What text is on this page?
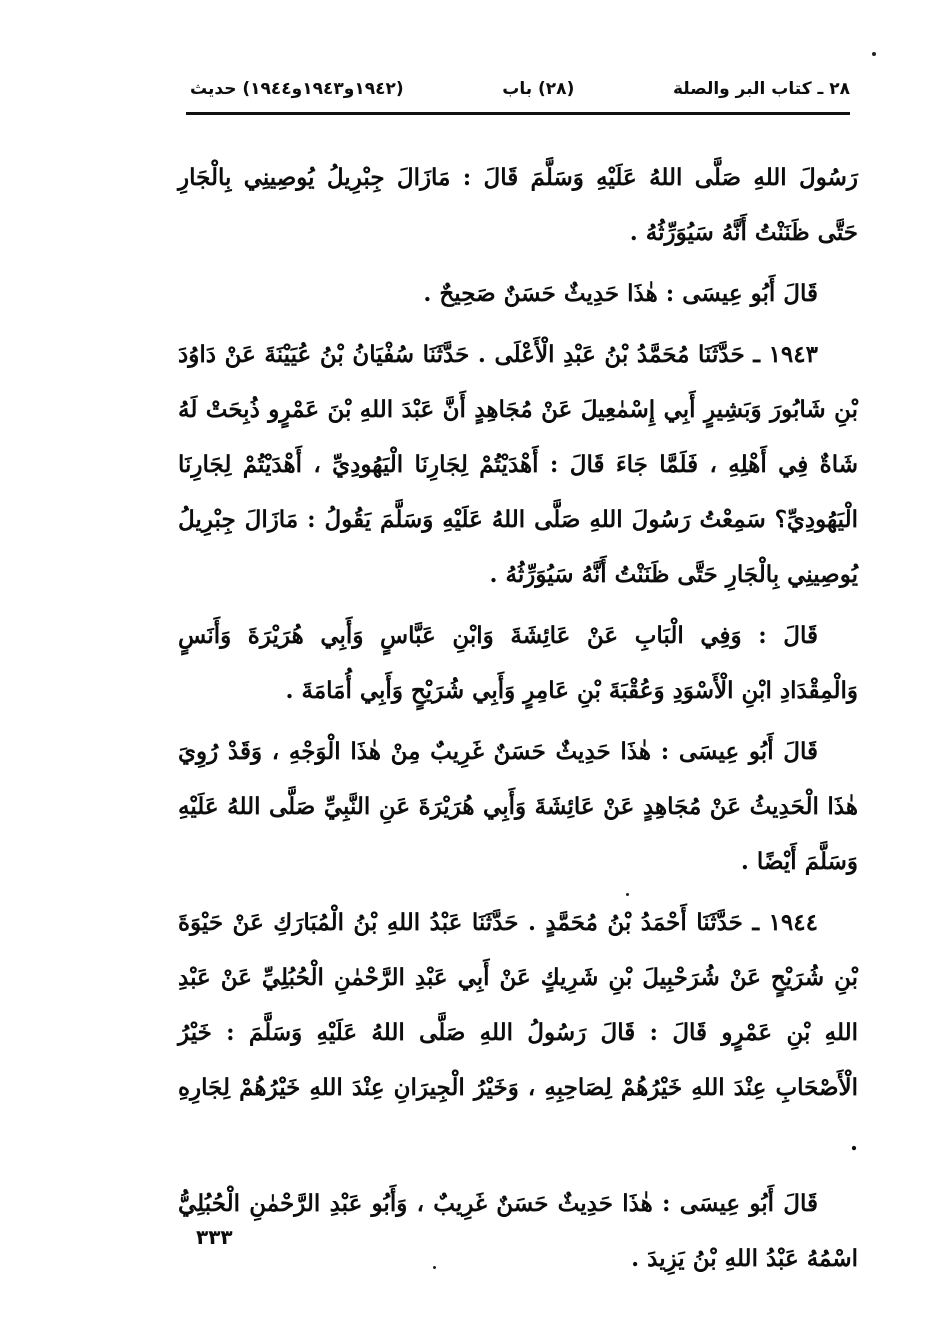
٢٨ ـ كتاب البر والصلة
(٢٨) باب
(١٩٤٢و١٩٤٣و١٩٤٤) حديث

رَسُولَ اللهِ صَلَّى اللهُ عَلَيْهِ وَسَلَّمَ قَالَ : مَازَالَ جِبْرِيلُ يُوصِينِي بِالْجَارِ حَتَّى ظَنَنْتُ أَنَّهُ سَيُوَرِّثُهُ .

قَالَ أَبُو عِيسَى : هٰذَا حَدِيثٌ حَسَنٌ صَحِيحٌ .

١٩٤٣ ـ حَدَّثَنَا مُحَمَّدُ بْنُ عَبْدِ الْأَعْلَى . حَدَّثَنَا سُفْيَانُ بْنُ عُيَيْنَةَ عَنْ دَاوُدَ بْنِ شَابُورَ وَبَشِيرٍ أَبِي إِسْمٰعِيلَ عَنْ مُجَاهِدٍ أَنَّ عَبْدَ اللهِ بْنَ عَمْرٍو ذُبِحَتْ لَهُ شَاةٌ فِي أَهْلِهِ ، فَلَمَّا جَاءَ قَالَ : أَهْدَيْتُمْ لِجَارِنَا الْيَهُودِيِّ ، أَهْدَيْتُمْ لِجَارِنَا الْيَهُودِيِّ؟ سَمِعْتُ رَسُولَ اللهِ صَلَّى اللهُ عَلَيْهِ وَسَلَّمَ يَقُولُ : مَازَالَ جِبْرِيلُ يُوصِينِي بِالْجَارِ حَتَّى ظَنَنْتُ أَنَّهُ سَيُوَرِّثُهُ .

قَالَ : وَفِي الْبَابِ عَنْ عَائِشَةَ وَابْنِ عَبَّاسٍ وَأَبِي هُرَيْرَةَ وَأَنَسٍ وَالْمِقْدَادِ ابْنِ الْأَسْوَدِ وَعُقْبَةَ بْنِ عَامِرٍ وَأَبِي شُرَيْحٍ وَأَبِي أُمَامَةَ .

قَالَ أَبُو عِيسَى : هٰذَا حَدِيثٌ حَسَنٌ غَرِيبٌ مِنْ هٰذَا الْوَجْهِ ، وَقَدْ رُوِيَ هٰذَا الْحَدِيثُ عَنْ مُجَاهِدٍ عَنْ عَائِشَةَ وَأَبِي هُرَيْرَةَ عَنِ النَّبِيِّ صَلَّى اللهُ عَلَيْهِ وَسَلَّمَ أَيْضًا .

١٩٤٤ ـ حَدَّثَنَا أَحْمَدُ بْنُ مُحَمَّدٍ . حَدَّثَنَا عَبْدُ اللهِ بْنُ الْمُبَارَكِ عَنْ حَيْوَةَ بْنِ شُرَيْحٍ عَنْ شُرَحْبِيلَ بْنِ شَرِيكٍ عَنْ أَبِي عَبْدِ الرَّحْمٰنِ الْحُبُلِيِّ عَنْ عَبْدِ اللهِ بْنِ عَمْرٍو قَالَ : قَالَ رَسُولُ اللهِ صَلَّى اللهُ عَلَيْهِ وَسَلَّمَ : خَيْرُ الْأَصْحَابِ عِنْدَ اللهِ خَيْرُهُمْ لِصَاحِبِهِ ، وَخَيْرُ الْجِيرَانِ عِنْدَ اللهِ خَيْرُهُمْ لِجَارِهِ .

قَالَ أَبُو عِيسَى : هٰذَا حَدِيثٌ حَسَنٌ غَرِيبٌ ، وَأَبُو عَبْدِ الرَّحْمٰنِ الْحُبُلِيُّ اسْمُهُ عَبْدُ اللهِ بْنُ يَزِيدَ .

٣٣٣
